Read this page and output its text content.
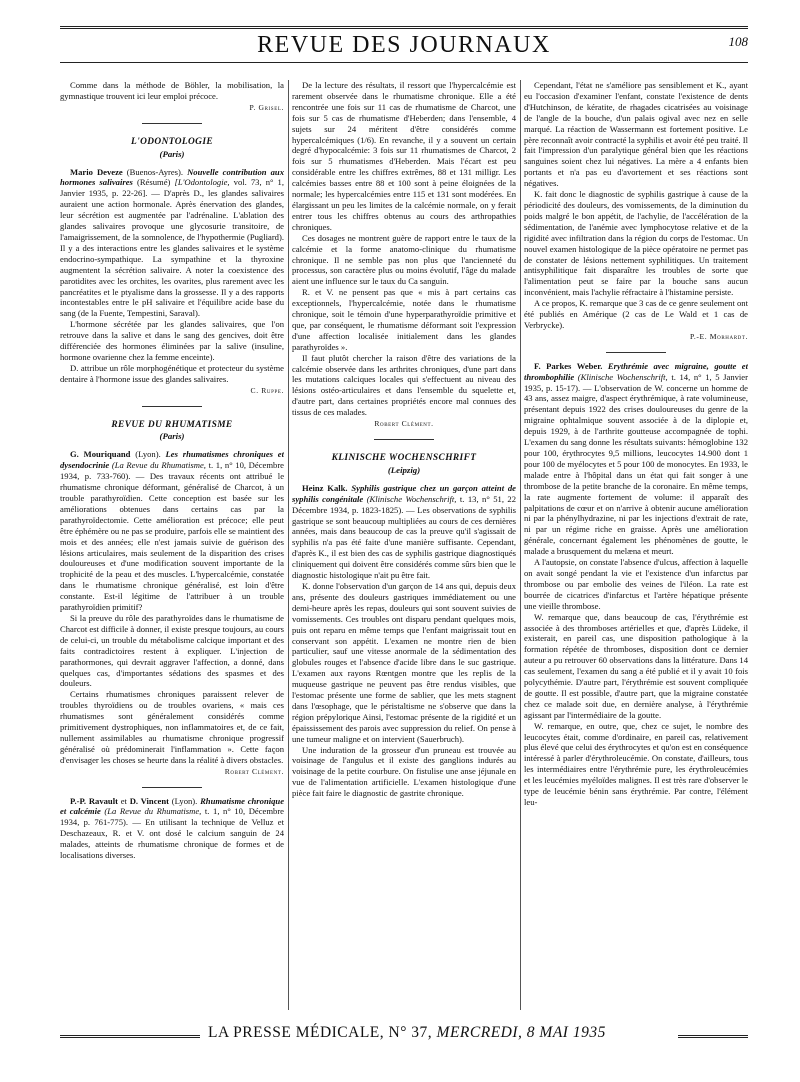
REVUE DES JOURNAUX	108

Comme dans la méthode de Böhler, la mobilisation, la gymnastique trouvent ici leur emploi précoce.

P. Grisel.
L'ODONTOLOGIE
(Paris)

Mario Deveze (Buenos-Ayres). Nouvelle contribution aux hormones salivaires (Résumé) [L'Odontologie, vol. 73, n° 1, Janvier 1935, p. 22-26]. — D'après D., les glandes salivaires auraient une action hormonale. Après énervation des glandes, leur sécrétion est augmentée par l'adrénaline. L'ablation des glandes salivaires provoque une glycosurie transitoire, de l'amaigrissement, de la somnolence, de l'hypothermie (Pugliard). Il y a des interactions entre les glandes salivaires et le système endocrino-sympathique. La sympathine et la thyroxine augmentent la sécrétion salivaire. A noter la coexistence des parotidites avec les orchites, les ovarites, plus rarement avec les pancréatites et le ptyalisme dans la grossesse. Il y a des rapports incontestables entre le pH salivaire et l'équilibre acide base du sang (de la Fuente, Tempestini, Saraval).

L'hormone sécrétée par les glandes salivaires, que l'on retrouve dans la salive et dans le sang des gencives, doit être différenciée des hormones éliminées par la salive (insuline, hormone ovarienne chez la femme enceinte).

D. attribue un rôle morphogénétique et protecteur du système dentaire à l'hormone issue des glandes salivaires.

C. Ruppe.
REVUE DU RHUMATISME
(Paris)

G. Mouriquand (Lyon). Les rhumatismes chroniques et dysendocrinie (La Revue du Rhumatisme, t. 1, n° 10, Décembre 1934, p. 733-760). — Des travaux récents ont attribué le rhumatisme chronique déformant, généralisé de Charcot, à un trouble parathyroïdien. Cette conception est basée sur les améliorations obtenues dans certains cas par la parathyroïdectomie. Cette amélioration est précoce; elle peut être éphémère ou ne pas se produire, parfois elle se maintient des mois et des années; elle n'est jamais suivie de guérison des lésions articulaires, mais seulement de la disparition des crises douloureuses et d'une modification souvent importante de la trophicité de la peau et des muscles. L'hypercalcémie, constatée dans le rhumatisme chronique généralisé, est loin d'être constante. Est-il légitime de l'attribuer à un trouble parathyroïdien primitif?

Si la preuve du rôle des parathyroïdes dans le rhumatisme de Charcot est difficile à donner, il existe presque toujours, au cours de celui-ci, un trouble du métabolisme calcique important et des faits contradictoires restent à expliquer. L'injection de parathormones, qui devrait aggraver l'affection, a donné, dans quelques cas, d'importantes sédations des spasmes et des douleurs.

Certains rhumatismes chroniques paraissent relever de troubles thyroïdiens ou de troubles ovariens, « mais ces rhumatismes sont généralement considérés comme primitivement dystrophiques, non inflammatoires et, de ce fait, nullement assimilables au rhumatisme chronique progressif généralisé où prédominerait l'inflammation ». Cette façon d'envisager les choses se heurte dans la réalité à divers obstacles.

Robert Clément.

P.-P. Ravault et D. Vincent (Lyon). Rhumatisme chronique et calcémie (La Revue du Rhumatisme, t. 1, n° 10, Décembre 1934, p. 761-775). — En utilisant la technique de Velluz et Deschazeaux, R. et V. ont dosé le calcium sanguin de 24 malades, atteints de rhumatisme chronique de formes et de localisations diverses.

De la lecture des résultats, il ressort que l'hypercalcémie est rarement observée dans le rhumatisme chronique. Elle a été rencontrée une fois sur 11 cas de rhumatisme de Charcot, une fois sur 5 cas de rhumatisme d'Heberden; dans l'ensemble, 4 sujets sur 24 méritent d'être considérés comme hypercalcémiques (1/6). En revanche, il y a souvent un certain degré d'hypocalcémie: 3 fois sur 11 rhumatismes de Charcot, 2 fois sur 5 rhumatismes d'Heberden. Mais l'écart est peu considérable entre les chiffres extrêmes, 88 et 131 milligr. Les calcémies basses entre 88 et 100 sont à peine éloignées de la normale; les hypercalcémies entre 115 et 131 sont modérées. En élargissant un peu les limites de la calcémie normale, on y ferait entrer tous les chiffres obtenus au cours des arthropathies chroniques.

Ces dosages ne montrent guère de rapport entre le taux de la calcémie et la forme anatomo-clinique du rhumatisme chronique. Il ne semble pas non plus que l'ancienneté du processus, son caractère plus ou moins évolutif, l'âge du malade aient une influence sur le taux du Ca sanguin.

R. et V. ne pensent pas que « mis à part certains cas exceptionnels, l'hypercalcémie, notée dans le rhumatisme chronique, soit le témoin d'une hyperparathyroïdie primitive et que, par conséquent, le rhumatisme déformant soit l'expression d'une affection localisée initialement dans les glandes parathyroïdes ».

Il faut plutôt chercher la raison d'être des variations de la calcémie observée dans les arthrites chroniques, d'une part dans les mutations calciques locales qui s'effectuent au niveau des lésions ostéo-articulaires et dans l'ensemble du squelette et, d'autre part, dans certaines propriétés encore mal connues des tissus de ces malades.

Robert Clément.
KLINISCHE WOCHENSCHRIFT
(Leipzig)

Heinz Kalk. Syphilis gastrique chez un garçon atteint de syphilis congénitale (Klinische Wochenschrift, t. 13, n° 51, 22 Décembre 1934, p. 1823-1825). — Les observations de syphilis gastrique se sont beaucoup multipliées au cours de ces dernières années, mais dans beaucoup de cas la preuve qu'il s'agissait de syphilis n'a pas été faite d'une manière suffisante. Cependant, d'après K., il est bien des cas de syphilis gastrique diagnostiqués cliniquement qui doivent être considérés comme sûrs bien que le diagnostic histologique n'ait pu être fait.

K. donne l'observation d'un garçon de 14 ans qui, depuis deux ans, présente des douleurs gastriques immédiatement ou une demi-heure après les repas, douleurs qui sont souvent suivies de vomissements. Ces troubles ont disparu pendant quelques mois, puis ont reparu en même temps que l'enfant maigrissait tout en conservant son appétit. L'examen ne montre rien de bien particulier, sauf une vitesse anormale de la sédimentation des globules rouges et l'absence d'acide libre dans le suc gastrique. L'examen aux rayons Rœntgen montre que les replis de la muqueuse gastrique ne peuvent pas être rendus visibles, que l'estomac présente une forme de sablier, que les mets stagnent dans l'œsophage, que le péristaltisme ne s'observe que dans la région prépylorique Ainsi, l'estomac présente de la rigidité et un épaississement des parois avec suppression du relief. On pense à une tumeur maligne et on intervient (Sauerbruch).

Une induration de la grosseur d'un pruneau est trouvée au voisinage de l'angulus et il existe des ganglions indurés au voisinage de la petite courbure. On fistulise une anse jéjunale en vue de l'alimentation artificielle. L'examen histologique d'une pièce fait faire le diagnostic de gastrite chronique.

Cependant, l'état ne s'améliore pas sensiblement et K., ayant eu l'occasion d'examiner l'enfant, constate l'existence de dents d'Hutchinson, de kératite, de rhagades cicatrisées au voisinage de l'angle de la bouche, d'un palais ogival avec nez en selle marqué. La réaction de Wassermann est fortement positive. Le père reconnaît avoir contracté la syphilis et avoir été peu traité. Il fait l'impression d'un paralytique général bien que les réactions sanguines soient chez lui négatives. La mère a 4 enfants bien portants et n'a pas eu d'avortement et ses réactions sont négatives.

K. fait donc le diagnostic de syphilis gastrique à cause de la périodicité des douleurs, des vomissements, de la diminution du poids malgré le bon appétit, de l'achylie, de l'accélération de la sédimentation, de l'anémie avec lymphocytose relative et de la rigidité avec infiltration dans la région du corps de l'estomac. Un nouvel examen histologique de la pièce opératoire ne permet pas de constater de lésions nettement syphilitiques. Un traitement antisyphilitique fait disparaître les troubles de sorte que l'alimentation peut se faire par la bouche sans aucun inconvénient, mais l'achylie réfractaire à l'histamine persiste.

A ce propos, K. remarque que 3 cas de ce genre seulement ont été publiés en Amérique (2 cas de Le Wald et 1 cas de Verbrycke).

P.-E. Morhardt.

F. Parkes Weber. Erythrémie avec migraine, goutte et thrombophilie (Klinische Wochenschrift, t. 14, n° 1, 5 Janvier 1935, p. 15-17). — L'observation de W. concerne un homme de 43 ans, assez maigre, d'aspect érythrémique, à rate volumineuse, présentant depuis 1922 des crises douloureuses du genre de la migraine ophtalmique souvent associée à de la diplopie et, depuis 1929, à de l'arthrite goutteuse accompagnée de tophi. L'examen du sang donne les résultats suivants: hémoglobine 132 pour 100, érythrocytes 9,5 millions, leucocytes 14.900 dont 1 pour 100 de myélocytes et 5 pour 100 de monocytes. En 1933, le malade entre à l'hôpital dans un état qui fait songer à une thrombose de la petite branche de la coronaire. En même temps, la rate augmente fortement de volume: il apparaît des palpitations de cœur et on n'arrive à obtenir aucune amélioration ni par la phénylhydrazine, ni par les injections d'extrait de rate, ni par un régime riche en graisse. Après une amélioration générale, concernant également les phénomènes de goutte, le malade a brusquement du melæna et meurt.

A l'autopsie, on constate l'absence d'ulcus, affection à laquelle on avait songé pendant la vie et l'existence d'un infarctus par thrombose ou par embolie des veines de l'iléon. La rate est bourrée de cicatrices d'infarctus et l'artère hépatique présente une vieille thrombose.

W. remarque que, dans beaucoup de cas, l'érythrémie est associée à des thromboses artérielles et que, d'après Lüdeke, il existerait, en pareil cas, une disposition pathologique à la formation répétée de thromboses, disposition dont ce dernier auteur a pu retrouver 60 observations dans la littérature. Dans 14 cas seulement, l'examen du sang a été publié et il y avait 10 fois polycythémie. D'autre part, l'érythrémie est souvent compliquée de goutte. Il est possible, d'autre part, que la migraine constatée chez ce malade soit due, en dernière analyse, à l'érythrémie agissant par l'intermédiaire de la goutte.

W. remarque, en outre, que, chez ce sujet, le nombre des leucocytes était, comme d'ordinaire, en pareil cas, relativement plus élevé que celui des érythrocytes et qu'on est en conséquence intéressé à parler d'érythroleucémie. On constate, d'ailleurs, tous les intermédiaires entre l'érythrémie pure, les érythroleucémies et les leucémies myéloïdes malignes. Il est très rare d'observer le type de leucémie bénin sans érythrémie. Par contre, l'élément leu-

LA PRESSE MÉDICALE, N° 37, MERCREDI, 8 MAI 1935
